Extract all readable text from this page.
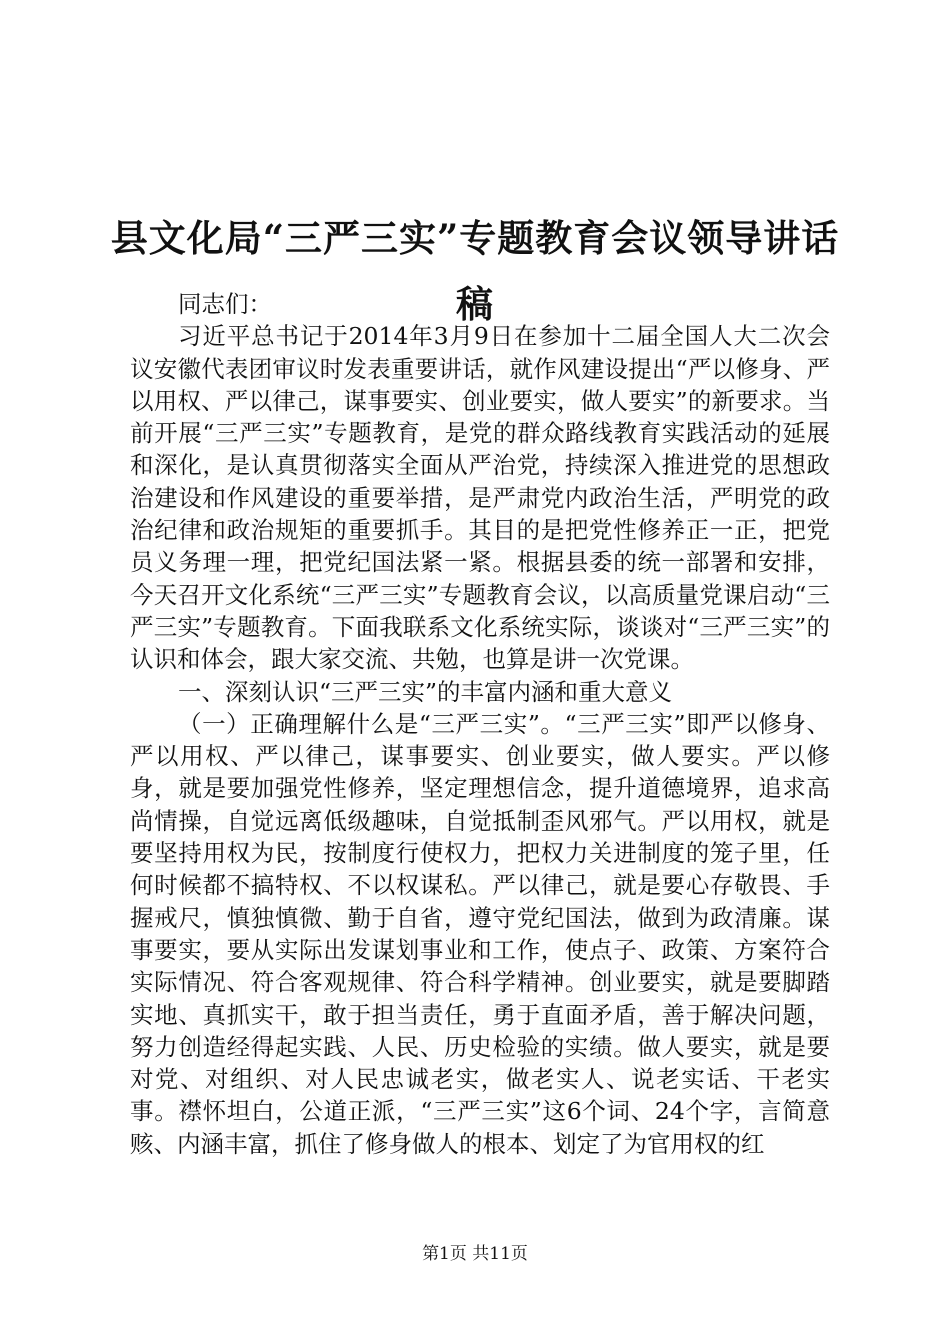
县文化局“三严三实”专题教育会议领导讲话稿

同志们：

习近平总书记于2014年3月9日在参加十二届全国人大二次会议安徽代表团审议时发表重要讲话，就作风建设提出“严以修身、严以用权、严以律己，谋事要实、创业要实，做人要实”的新要求。当前开展“三严三实”专题教育，是党的群众路线教育实践活动的延展和深化，是认真贯彻落实全面从严治党，持续深入推进党的思想政治建设和作风建设的重要举措，是严肃党内政治生活，严明党的政治纪律和政治规矩的重要抓手。其目的是把党性修养正一正，把党员义务理一理，把党纪国法紧一紧。根据县委的统一部署和安排，今天召开文化系统“三严三实”专题教育会议，以高质量党课启动“三严三实”专题教育。下面我联系文化系统实际，谈谈对“三严三实”的认识和体会，跟大家交流、共勉，也算是讲一次党课。

一、深刻认识“三严三实”的丰富内涵和重大意义

（一）正确理解什么是“三严三实”。“三严三实”即严以修身、严以用权、严以律己，谋事要实、创业要实，做人要实。严以修身，就是要加强党性修养，坚定理想信念，提升道德境界，追求高尚情操，自觉远离低级趣味，自觉抵制歪风邪气。严以用权，就是要坚持用权为民，按制度行使权力，把权力关进制度的笼子里，任何时候都不搞特权、不以权谋私。严以律己，就是要心存敬畏、手握戒尺，慎独慎微、勤于自省，遵守党纪国法，做到为政清廉。谋事要实，要从实际出发谋划事业和工作，使点子、政策、方案符合实际情况、符合客观规律、符合科学精神。创业要实，就是要脚踏实地、真抓实干，敢于担当责任，勇于直面矛盾，善于解决问题，努力创造经得起实践、人民、历史检验的实绩。做人要实，就是要对党、对组织、对人民忠诚老实，做老实人、说老实话、干老实事。襟怀坦白，公道正派，“三严三实”这6个词、24个字，言简意赅、内涵丰富，抓住了修身做人的根本、划定了为官用权的红

第1页 共11页
